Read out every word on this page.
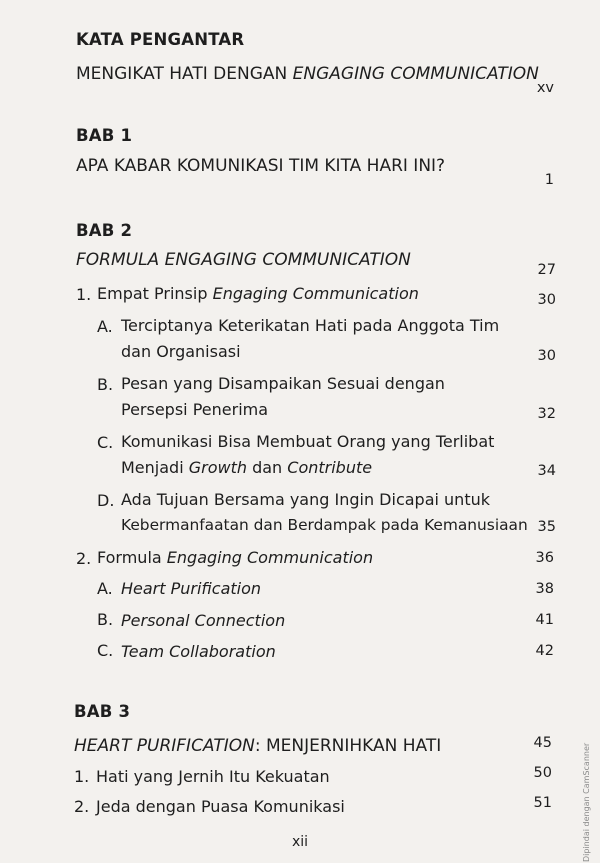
KATA PENGANTAR
MENGIKAT HATI DENGAN ENGAGING COMMUNICATION
xv
BAB 1
APA KABAR KOMUNIKASI TIM KITA HARI INI?
1
BAB 2
FORMULA ENGAGING COMMUNICATION	27
1. Empat Prinsip Engaging Communication	30
A. Terciptanya Keterikatan Hati pada Anggota Tim
dan Organisasi	30
B. Pesan yang Disampaikan Sesuai dengan
Persepsi Penerima	32
C. Komunikasi Bisa Membuat Orang yang Terlibat
Menjadi Growth dan Contribute	34
D. Ada Tujuan Bersama yang Ingin Dicapai untuk
Kebermanfaatan dan Berdampak pada Kemanusiaan 35
2. Formula Engaging Communication	36
A. Heart Purification	38
B. Personal Connection	41
C. Team Collaboration	42
BAB 3
HEART PURIFICATION: MENJERNIHKAN HATI	45
1. Hati yang Jernih Itu Kekuatan	50
2. Jeda dengan Puasa Komunikasi	51
xii	Dipindai dengan CamScanner
